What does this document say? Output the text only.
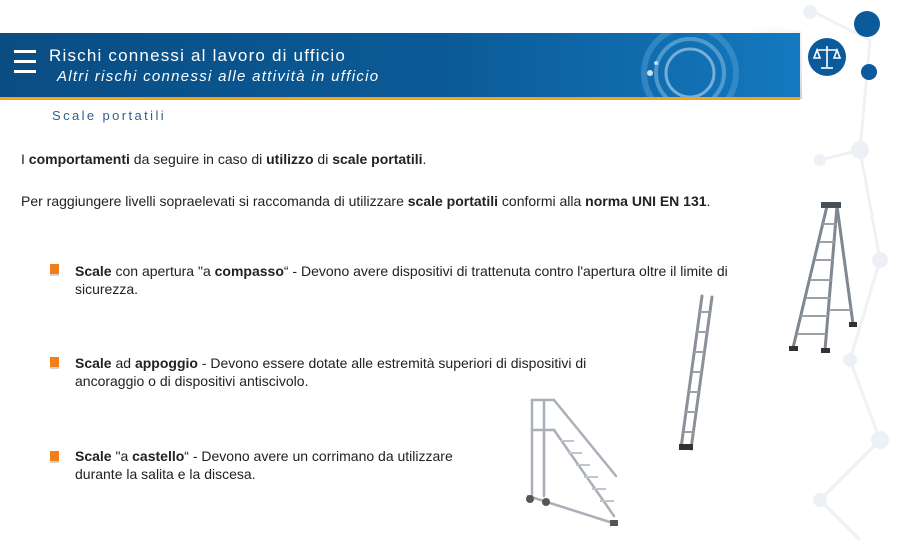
Rischi connessi al lavoro di ufficio
Altri rischi connessi alle attività in ufficio
Scale portatili
I comportamenti da seguire in caso di utilizzo di scale portatili.
Per raggiungere livelli sopraelevati si raccomanda di utilizzare scale portatili conformi alla norma UNI EN 131.
Scale con apertura "a compasso“ - Devono avere dispositivi di trattenuta contro l'apertura oltre il limite di sicurezza.
Scale ad appoggio - Devono essere dotate alle estremità superiori di dispositivi di ancoraggio o di dispositivi antiscivolo.
Scale "a castello“ - Devono avere un corrimano da utilizzare durante la salita e la discesa.
